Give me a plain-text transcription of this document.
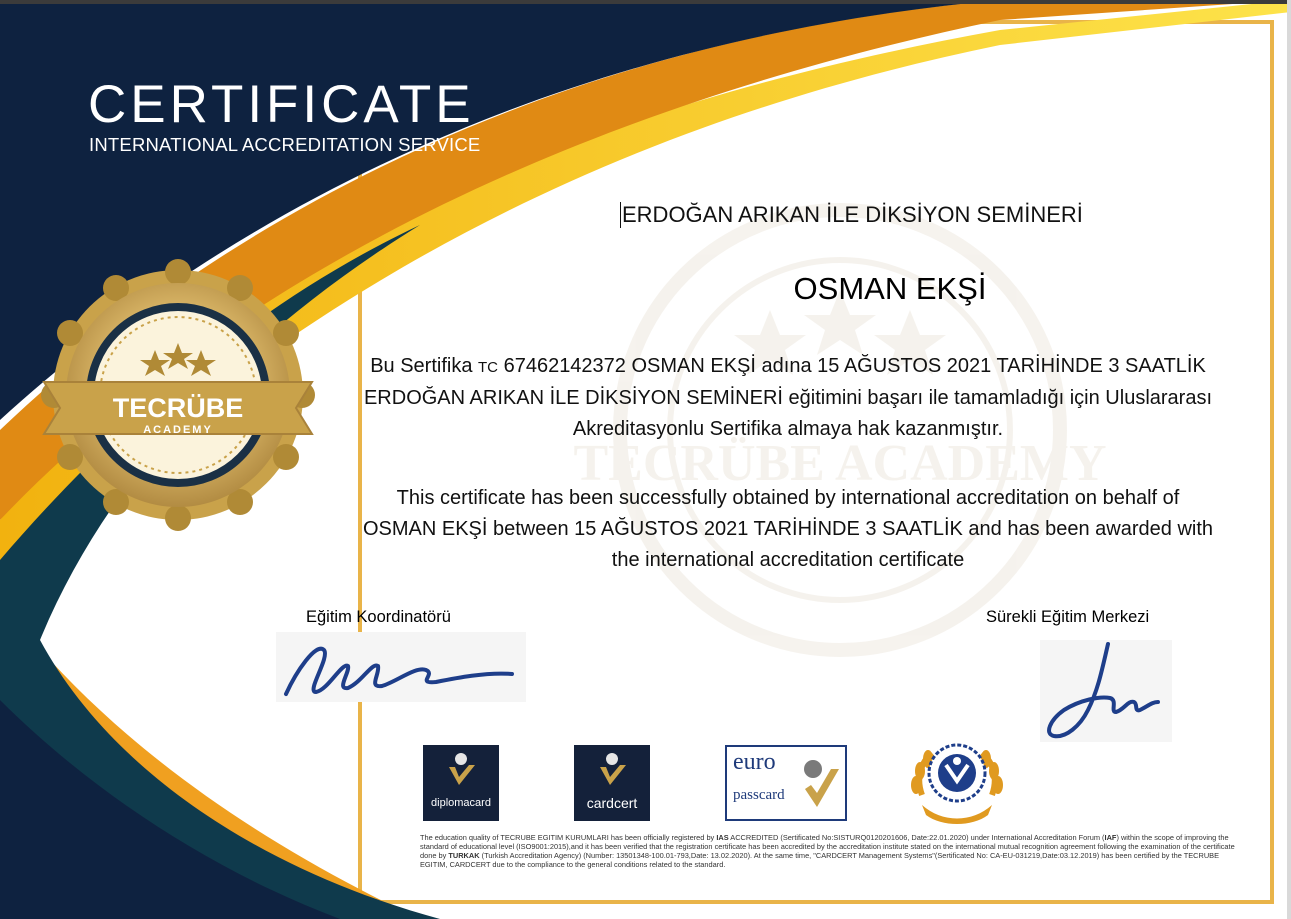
TECRÜBE ACADEMY
TECRÜBE
ACADEMY
CERTIFICATE
INTERNATIONAL ACCREDITATION SERVICE
ERDOĞAN ARIKAN İLE DİKSİYON SEMİNERİ
OSMAN EKŞİ
Bu Sertifika TC 67462142372 OSMAN EKŞİ adına 15 AĞUSTOS 2021 TARİHİNDE 3 SAATLİK ERDOĞAN ARIKAN İLE DİKSİYON SEMİNERİ eğitimini başarı ile tamamladığı için Uluslararası Akreditasyonlu Sertifika almaya hak kazanmıştır.
This certificate has been successfully obtained by international accreditation on behalf of OSMAN EKŞİ between 15 AĞUSTOS 2021 TARİHİNDE 3 SAATLİK and has been awarded with the international accreditation certificate
Eğitim Koordinatörü	Sürekli Eğitim Merkezi
diplomacard	cardcert
euro
passcard
The education quality of TECRUBE EGITIM KURUMLARI has been officially registered by IAS ACCREDITED (Sertificated No:SISTURQ0120201606, Date:22.01.2020) under International Accreditation Forum (IAF) within the scope of improving the standard of educational level (ISO9001:2015),and it has been verified that the registration certificate has been accredited by the accreditation institute stated on the international mutual recognition agreement following the examination of the certificate done by TURKAK (Turkish Accreditation Agency) (Number: 13501348-100.01-793,Date: 13.02.2020). At the same time, "CARDCERT Management Systems"(Sertificated No: CA-EU-031219,Date:03.12.2019) has been certified by the TECRUBE EGITIM, CARDCERT due to the compliance to the general conditions related to the standard.
